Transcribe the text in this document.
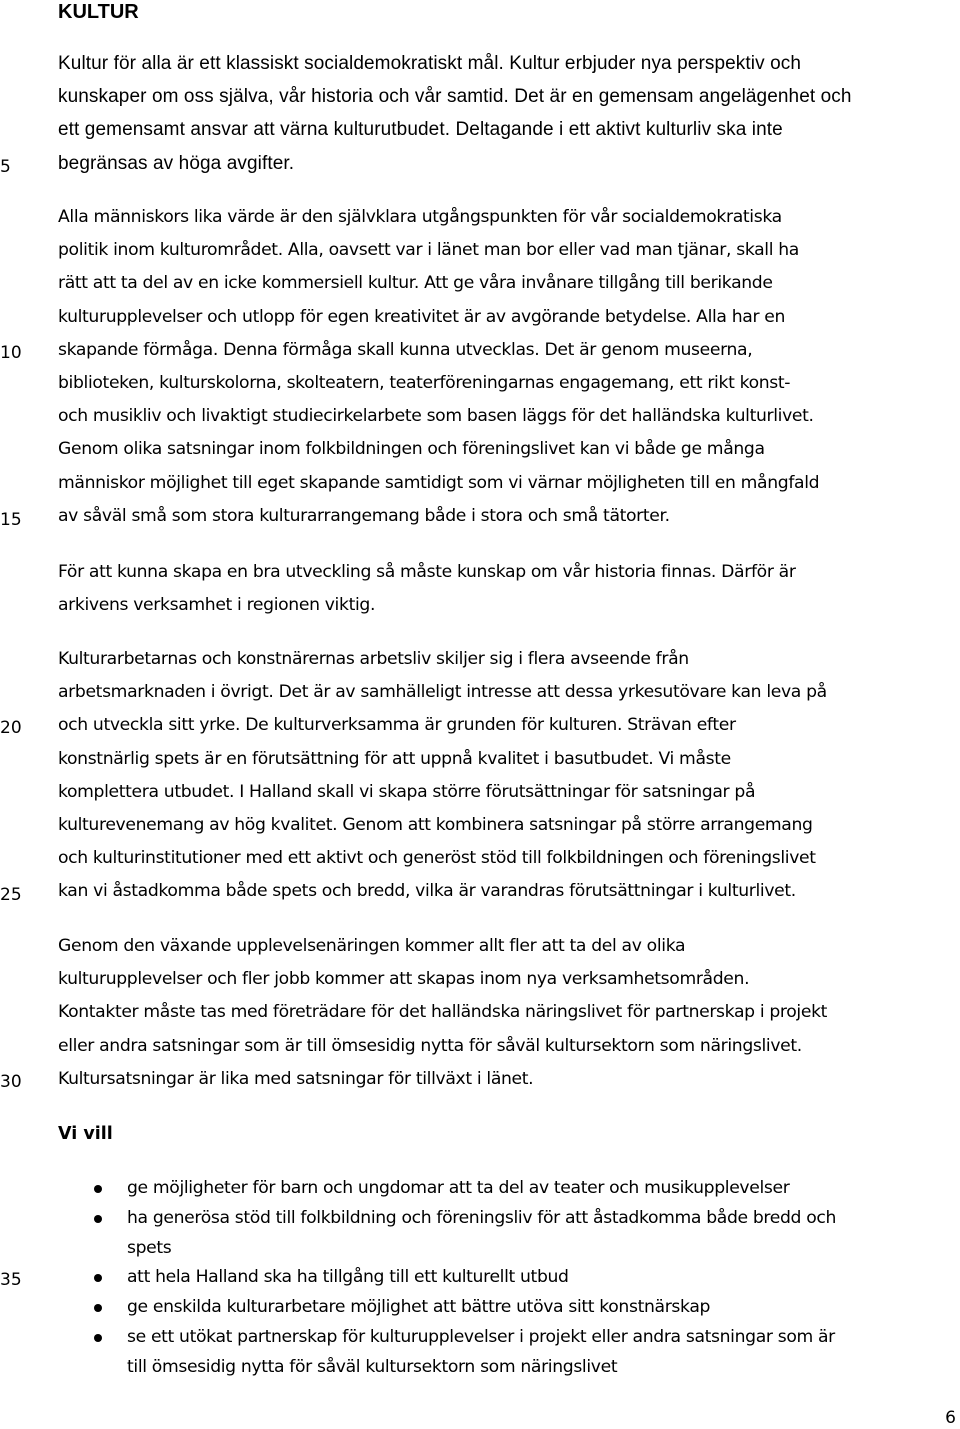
KULTUR
Kultur för alla är ett klassiskt socialdemokratiskt mål. Kultur erbjuder nya perspektiv och
kunskaper om oss själva, vår historia och vår samtid. Det är en gemensam angelägenhet och
ett gemensamt ansvar att värna kulturutbudet. Deltagande i ett aktivt kulturliv ska inte
begränsas av höga avgifter.
Alla människors lika värde är den självklara utgångspunkten för vår socialdemokratiska
politik inom kulturområdet. Alla, oavsett var i länet man bor eller vad man tjänar, skall ha
rätt att ta del av en icke kommersiell kultur. Att ge våra invånare tillgång till berikande
kulturupplevelser och utlopp för egen kreativitet är av avgörande betydelse. Alla har en
skapande förmåga. Denna förmåga skall kunna utvecklas. Det är genom museerna,
biblioteken, kulturskolorna, skolteatern, teaterföreningarnas engagemang, ett rikt konst-
och musikliv och livaktigt studiecirkelarbete som basen läggs för det halländska kulturlivet.
Genom olika satsningar inom folkbildningen och föreningslivet kan vi både ge många
människor möjlighet till eget skapande samtidigt som vi värnar möjligheten till en mångfald
av såväl små som stora kulturarrangemang både i stora och små tätorter.
För att kunna skapa en bra utveckling så måste kunskap om vår historia finnas. Därför är
arkivens verksamhet i regionen viktig.
Kulturarbetarnas och konstnärernas arbetsliv skiljer sig i flera avseende från
arbetsmarknaden i övrigt. Det är av samhälleligt intresse att dessa yrkesutövare kan leva på
och utveckla sitt yrke. De kulturverksamma är grunden för kulturen. Strävan efter
konstnärlig spets är en förutsättning för att uppnå kvalitet i basutbudet. Vi måste
komplettera utbudet. I Halland skall vi skapa större förutsättningar för satsningar på
kulturevenemang av hög kvalitet. Genom att kombinera satsningar på större arrangemang
och kulturinstitutioner med ett aktivt och generöst stöd till folkbildningen och föreningslivet
kan vi åstadkomma både spets och bredd, vilka är varandras förutsättningar i kulturlivet.
Genom den växande upplevelsenäringen kommer allt fler att ta del av olika
kulturupplevelser och fler jobb kommer att skapas inom nya verksamhetsområden.
Kontakter måste tas med företrädare för det halländska näringslivet för partnerskap i projekt
eller andra satsningar som är till ömsesidig nytta för såväl kultursektorn som näringslivet.
Kultursatsningar är lika med satsningar för tillväxt i länet.
Vi vill
ge möjligheter för barn och ungdomar att ta del av teater och musikupplevelser
ha generösa stöd till folkbildning och föreningsliv för att åstadkomma både bredd och
spets
att hela Halland ska ha tillgång till ett kulturellt utbud
ge enskilda kulturarbetare möjlighet att bättre utöva sitt konstnärskap
se ett utökat partnerskap för kulturupplevelser i projekt eller andra satsningar som är
till ömsesidig nytta för såväl kultursektorn som näringslivet
5
10
15
20
25
30
35
6
